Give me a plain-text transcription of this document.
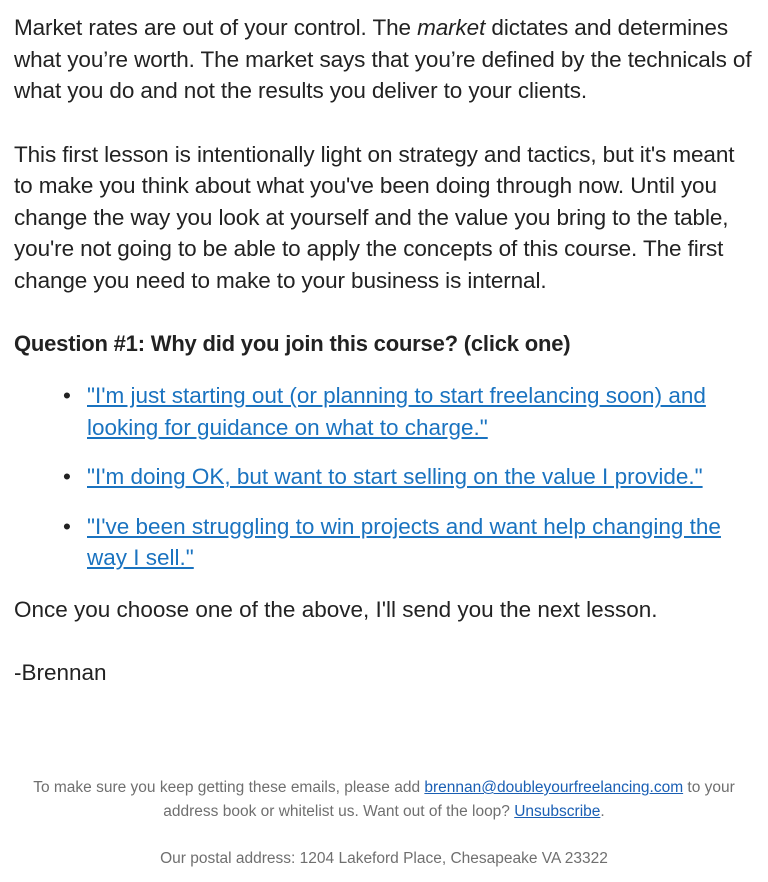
Market rates are out of your control. The market dictates and determines what you’re worth. The market says that you’re defined by the technicals of what you do and not the results you deliver to your clients.

This first lesson is intentionally light on strategy and tactics, but it's meant to make you think about what you've been doing through now. Until you change the way you look at yourself and the value you bring to the table, you're not going to be able to apply the concepts of this course. The first change you need to make to your business is internal.

Question #1: Why did you join this course? (click one)

• "I'm just starting out (or planning to start freelancing soon) and looking for guidance on what to charge."
• "I'm doing OK, but want to start selling on the value I provide."
• "I've been struggling to win projects and want help changing the way I sell."

Once you choose one of the above, I'll send you the next lesson.

-Brennan

To make sure you keep getting these emails, please add brennan@doubleyourfreelancing.com to your address book or whitelist us. Want out of the loop? Unsubscribe.
Our postal address: 1204 Lakeford Place, Chesapeake VA 23322
